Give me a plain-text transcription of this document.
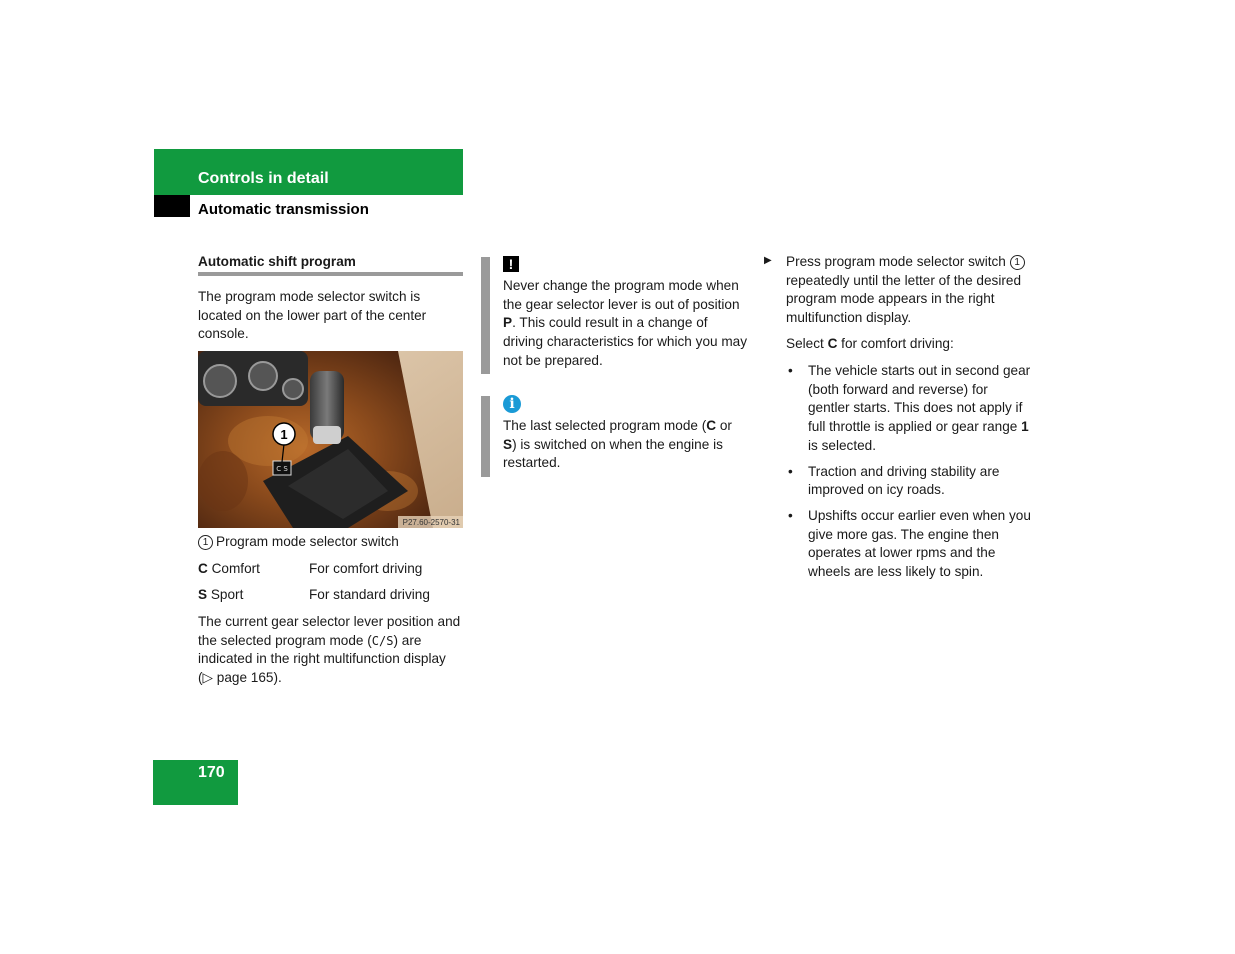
Controls in detail
Automatic transmission
Automatic shift program
The program mode selector switch is located on the lower part of the center console.
C S
1
P27.60-2570-31
1 Program mode selector switch
C Comfort	For comfort driving
S Sport	For standard driving
The current gear selector lever position and the selected program mode (C/S) are indicated in the right multifunction display (▷ page 165).
!
Never change the program mode when the gear selector lever is out of position P. This could result in a change of driving characteristics for which you may not be prepared.
i
The last selected program mode (C or S) is switched on when the engine is restarted.
▶ Press program mode selector switch 1 repeatedly until the letter of the desired program mode appears in the right multifunction display.
Select C for comfort driving:
• The vehicle starts out in second gear (both forward and reverse) for gentler starts. This does not apply if full throttle is applied or gear range 1 is selected.
• Traction and driving stability are improved on icy roads.
• Upshifts occur earlier even when you give more gas. The engine then operates at lower rpms and the wheels are less likely to spin.
170
